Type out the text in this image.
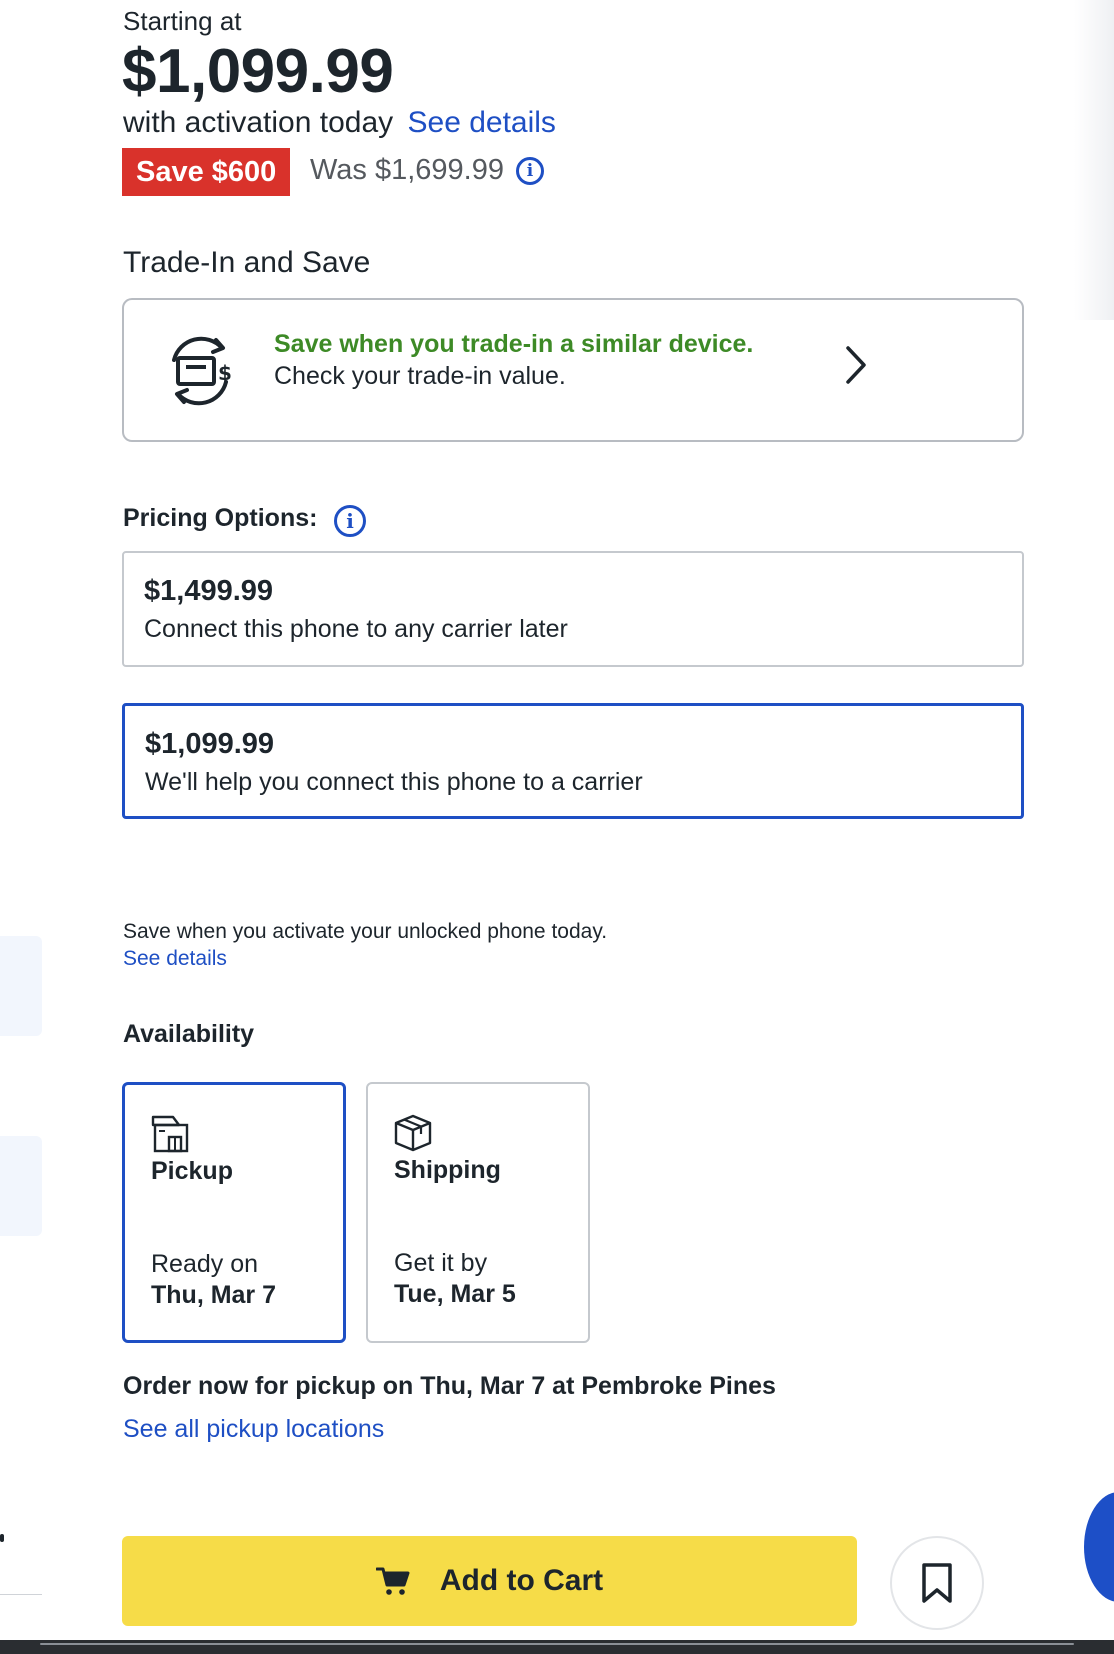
Starting at
$1,099.99
with activation today See details
Save $600 Was $1,699.99	i
Trade-In and Save
$
Save when you trade-in a similar device.
Check your trade-in value.
Pricing Options:	i
$1,499.99
Connect this phone to any carrier later
$1,099.99
We'll help you connect this phone to a carrier
Save when you activate your unlocked phone today.
See details
Availability
Pickup
Ready on
Thu, Mar 7
Shipping
Get it by
Tue, Mar 5
Order now for pickup on Thu, Mar 7 at Pembroke Pines
See all pickup locations
Add to Cart
